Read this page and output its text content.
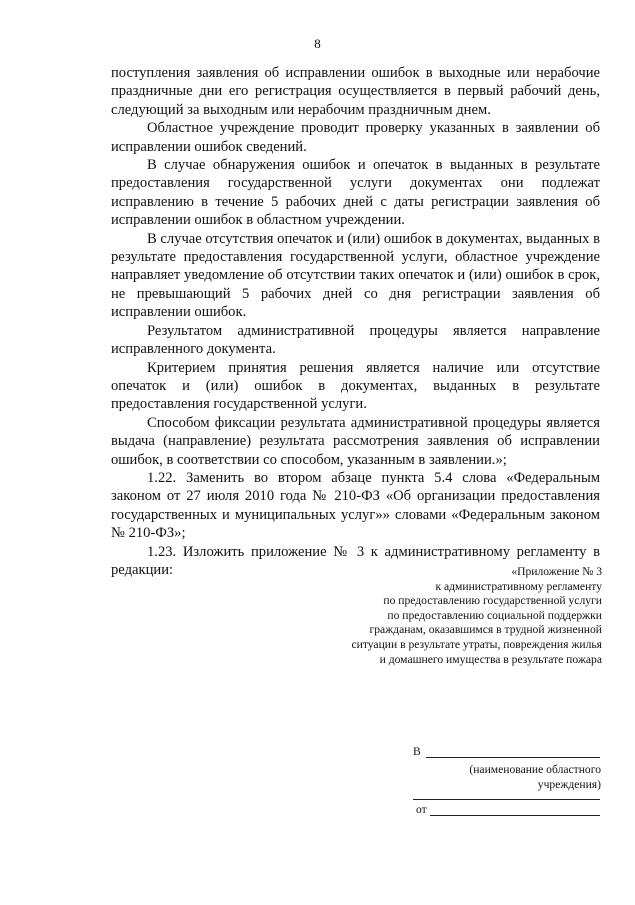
8

поступления заявления об исправлении ошибок в выходные или нерабочие праздничные дни его регистрация осуществляется в первый рабочий день, следующий за выходным или нерабочим праздничным днем.

Областное учреждение проводит проверку указанных в заявлении об исправлении ошибок сведений.

В случае обнаружения ошибок и опечаток в выданных в результате предоставления государственной услуги документах они подлежат исправлению в течение 5 рабочих дней с даты регистрации заявления об исправлении ошибок в областном учреждении.

В случае отсутствия опечаток и (или) ошибок в документах, выданных в результате предоставления государственной услуги, областное учреждение направляет уведомление об отсутствии таких опечаток и (или) ошибок в срок, не превышающий 5 рабочих дней со дня регистрации заявления об исправлении ошибок.

Результатом административной процедуры является направление исправленного документа.

Критерием принятия решения является наличие или отсутствие опечаток и (или) ошибок в документах, выданных в результате предоставления государственной услуги.

Способом фиксации результата административной процедуры является выдача (направление) результата рассмотрения заявления об исправлении ошибок, в соответствии со способом, указанным в заявлении.»;

1.22. Заменить во втором абзаце пункта 5.4 слова «Федеральным законом от 27 июля 2010 года № 210-ФЗ «Об организации предоставления государственных и муниципальных услуг»» словами «Федеральным законом № 210-ФЗ»;

1.23. Изложить приложение № 3 к административному регламенту в редакции:	«Приложение № 3
к административному регламенту
по предоставлению государственной услуги
по предоставлению социальной поддержки
гражданам, оказавшимся в трудной жизненной
ситуации в результате утраты, повреждения жилья
и домашнего имущества в результате пожара
В
(наименование областного
учреждения)
от
